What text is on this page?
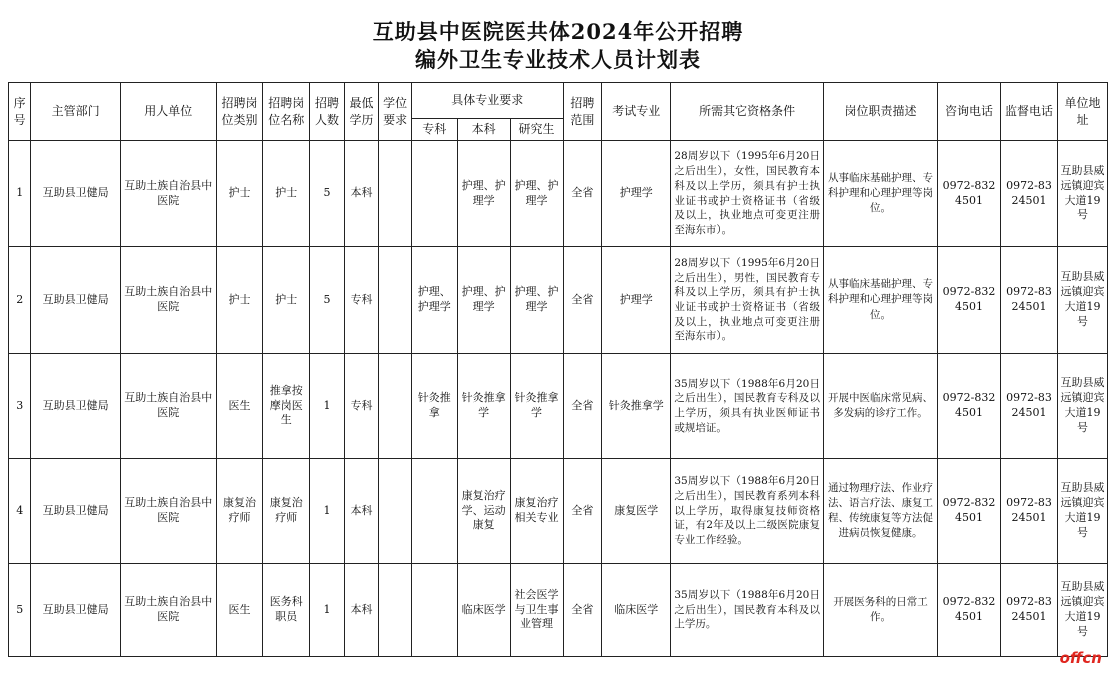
互助县中医院医共体2024年公开招聘
编外卫生专业技术人员计划表
序号	主管部门	用人单位	招聘岗位类别	招聘岗位名称	招聘人数	最低学历	学位要求	具体专业要求			招聘范围	考试专业	所需其它资格条件	岗位职责描述	咨询电话	监督电话	单位地址
								专科	本科	研究生							
1	互助县卫健局	互助土族自治县中医院	护士	护士	5	本科			护理、护理学	护理、护理学	全省	护理学	28周岁以下（1995年6月20日之后出生），女性，国民教育本科及以上学历，须具有护士执业证书或护士资格证书（省级及以上，执业地点可变更注册至海东市）。	从事临床基础护理、专科护理和心理护理等岗位。	0972-8324501	0972-8324501	互助县威远镇迎宾大道19号
2	互助县卫健局	互助土族自治县中医院	护士	护士	5	专科		护理、护理学	护理、护理学	护理、护理学	全省	护理学	28周岁以下（1995年6月20日之后出生），男性，国民教育专科及以上学历，须具有护士执业证书或护士资格证书（省级及以上，执业地点可变更注册至海东市）。	从事临床基础护理、专科护理和心理护理等岗位。	0972-8324501	0972-8324501	互助县威远镇迎宾大道19号
3	互助县卫健局	互助土族自治县中医院	医生	推拿按摩岗医生	1	专科		针灸推拿	针灸推拿学	针灸推拿学	全省	针灸推拿学	35周岁以下（1988年6月20日之后出生），国民教育专科及以上学历，须具有执业医师证书或规培证。	开展中医临床常见病、多发病的诊疗工作。	0972-8324501	0972-8324501	互助县威远镇迎宾大道19号
4	互助县卫健局	互助土族自治县中医院	康复治疗师	康复治疗师	1	本科			康复治疗学、运动康复	康复治疗相关专业	全省	康复医学	35周岁以下（1988年6月20日之后出生），国民教育系列本科以上学历，取得康复技师资格证，有2年及以上二级医院康复专业工作经验。	通过物理疗法、作业疗法、语言疗法、康复工程、传统康复等方法促进病员恢复健康。	0972-8324501	0972-8324501	互助县威远镇迎宾大道19号
5	互助县卫健局	互助土族自治县中医院	医生	医务科职员	1	本科			临床医学	社会医学与卫生事业管理	全省	临床医学	35周岁以下（1988年6月20日之后出生），国民教育本科及以上学历。	开展医务科的日常工作。	0972-8324501	0972-8324501	互助县威远镇迎宾大道19号
offcn
